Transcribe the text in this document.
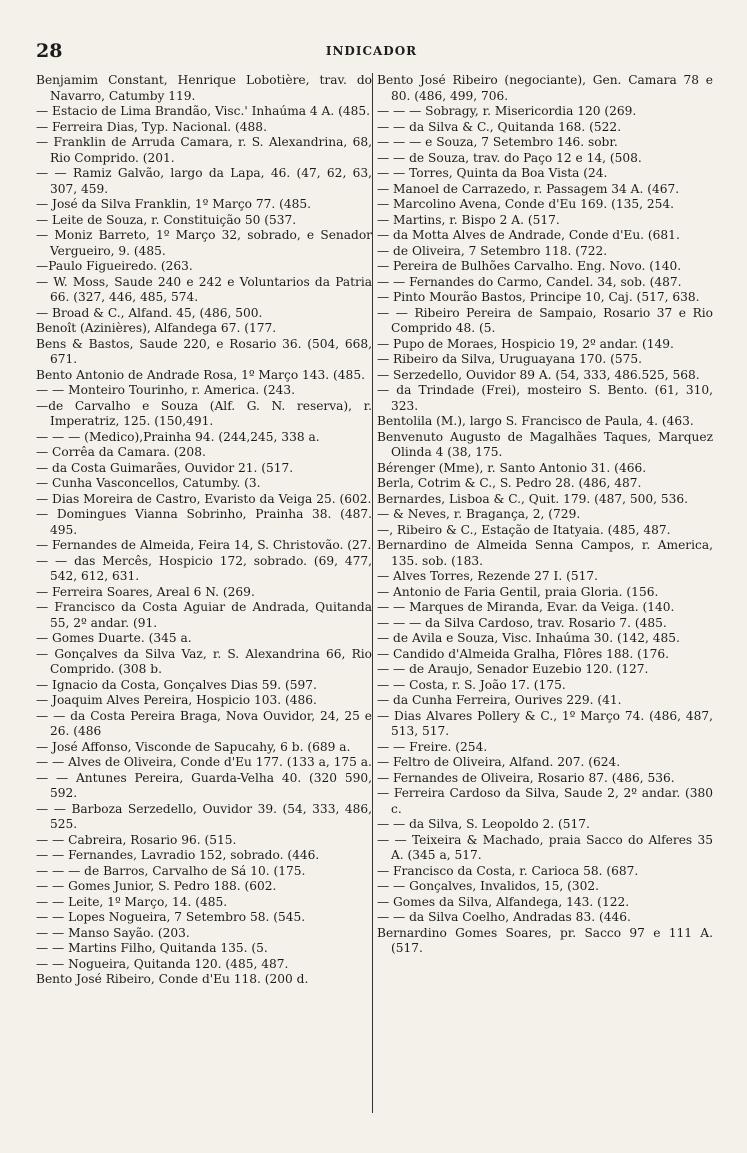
28	INDICADOR

Benjamim Constant, Henrique Lobotière, trav. do Navarro, Catumby 119.

— Estacio de Lima Brandão, Visc.' Inhaúma 4 A. (485.

— Ferreira Dias, Typ. Nacional. (488.

— Franklin de Arruda Camara, r. S. Alexandrina, 68, Rio Comprido. (201.

— — Ramiz Galvão, largo da Lapa, 46. (47, 62, 63, 307, 459.

— José da Silva Franklin, 1º Março 77. (485.

— Leite de Souza, r. Constituição 50 (537.

— Moniz Barreto, 1º Março 32, sobrado, e Senador Vergueiro, 9. (485.

—Paulo Figueiredo. (263.

— W. Moss, Saude 240 e 242 e Voluntarios da Patria 66. (327, 446, 485, 574.

— Broad & C., Alfand. 45, (486, 500.

Benoît (Azinières), Alfandega 67. (177.

Bens & Bastos, Saude 220, e Rosario 36. (504, 668, 671.

Bento Antonio de Andrade Rosa, 1º Março 143. (485.

— — Monteiro Tourinho, r. America. (243.

—de Carvalho e Souza (Alf. G. N. reserva), r. Imperatriz, 125. (150,491.

— — — (Medico),Prainha 94. (244,245, 338 a.

— Corrêa da Camara. (208.

— da Costa Guimarães, Ouvidor 21. (517.

— Cunha Vasconcellos, Catumby. (3.

— Dias Moreira de Castro, Evaristo da Veiga 25. (602.

— Domingues Vianna Sobrinho, Prainha 38. (487. 495.

— Fernandes de Almeida, Feira 14, S. Christovão. (27.

— — das Mercês, Hospicio 172, sobrado. (69, 477, 542, 612, 631.

— Ferreira Soares, Areal 6 N. (269.

— Francisco da Costa Aguiar de Andrada, Quitanda 55, 2º andar. (91.

— Gomes Duarte. (345 a.

— Gonçalves da Silva Vaz, r. S. Alexandrina 66, Rio Comprido. (308 b.

— Ignacio da Costa, Gonçalves Dias 59. (597.

— Joaquim Alves Pereira, Hospicio 103. (486.

— — da Costa Pereira Braga, Nova Ouvidor, 24, 25 e 26. (486

— José Affonso, Visconde de Sapucahy, 6 b. (689 a.

— — Alves de Oliveira, Conde d'Eu 177. (133 a, 175 a.

— — Antunes Pereira, Guarda-Velha 40. (320 590, 592.

— — Barboza Serzedello, Ouvidor 39. (54, 333, 486, 525.

— — Cabreira, Rosario 96. (515.

— — Fernandes, Lavradio 152, sobrado. (446.

— — — de Barros, Carvalho de Sá 10. (175.

— — Gomes Junior, S. Pedro 188. (602.

— — Leite, 1º Março, 14. (485.

— — Lopes Nogueira, 7 Setembro 58. (545.

— — Manso Sayão. (203.

— — Martins Filho, Quitanda 135. (5.

— — Nogueira, Quitanda 120. (485, 487.

Bento José Ribeiro, Conde d'Eu 118. (200 d.

Bento José Ribeiro (negociante), Gen. Camara 78 e 80. (486, 499, 706.

— — — Sobragy, r. Misericordia 120 (269.

— — da Silva & C., Quitanda 168. (522.

— — — e Souza, 7 Setembro 146. sobr.

— — de Souza, trav. do Paço 12 e 14, (508.

— — Torres, Quinta da Boa Vista (24.

— Manoel de Carrazedo, r. Passagem 34 A. (467.

— Marcolino Avena, Conde d'Eu 169. (135, 254.

— Martins, r. Bispo 2 A. (517.

— da Motta Alves de Andrade, Conde d'Eu. (681.

— de Oliveira, 7 Setembro 118. (722.

— Pereira de Bulhões Carvalho. Eng. Novo. (140.

— — Fernandes do Carmo, Candel. 34, sob. (487.

— Pinto Mourão Bastos, Principe 10, Caj. (517, 638.

— — Ribeiro Pereira de Sampaio, Rosario 37 e Rio Comprido 48. (5.

— Pupo de Moraes, Hospicio 19, 2º andar. (149.

— Ribeiro da Silva, Uruguayana 170. (575.

— Serzedello, Ouvidor 89 A. (54, 333, 486.525, 568.

— da Trindade (Frei), mosteiro S. Bento. (61, 310, 323.

Bentolila (M.), largo S. Francisco de Paula, 4. (463.

Benvenuto Augusto de Magalhães Taques, Marquez Olinda 4 (38, 175.

Bérenger (Mme), r. Santo Antonio 31. (466.

Berla, Cotrim & C., S. Pedro 28. (486, 487.

Bernardes, Lisboa & C., Quit. 179. (487, 500, 536.

— & Neves, r. Bragança, 2, (729.

—, Ribeiro & C., Estação de Itatyaia. (485, 487.

Bernardino de Almeida Senna Campos, r. America, 135. sob. (183.

— Alves Torres, Rezende 27 I. (517.

— Antonio de Faria Gentil, praia Gloria. (156.

— — Marques de Miranda, Evar. da Veiga. (140.

— — — da Silva Cardoso, trav. Rosario 7. (485.

— de Avila e Souza, Visc. Inhaúma 30. (142, 485.

— Candido d'Almeida Gralha, Flôres 188. (176.

— — de Araujo, Senador Euzebio 120. (127.

— — Costa, r. S. João 17. (175.

— da Cunha Ferreira, Ourives 229. (41.

— Dias Alvares Pollery & C., 1º Março 74. (486, 487, 513, 517.

— — Freire. (254.

— Feltro de Oliveira, Alfand. 207. (624.

— Fernandes de Oliveira, Rosario 87. (486, 536.

— Ferreira Cardoso da Silva, Saude 2, 2º andar. (380 c.

— — da Silva, S. Leopoldo 2. (517.

— — Teixeira & Machado, praia Sacco do Alferes 35 A. (345 a, 517.

— Francisco da Costa, r. Carioca 58. (687.

— — Gonçalves, Invalidos, 15, (302.

— Gomes da Silva, Alfandega, 143. (122.

— — da Silva Coelho, Andradas 83. (446.

Bernardino Gomes Soares, pr. Sacco 97 e 111 A. (517.
